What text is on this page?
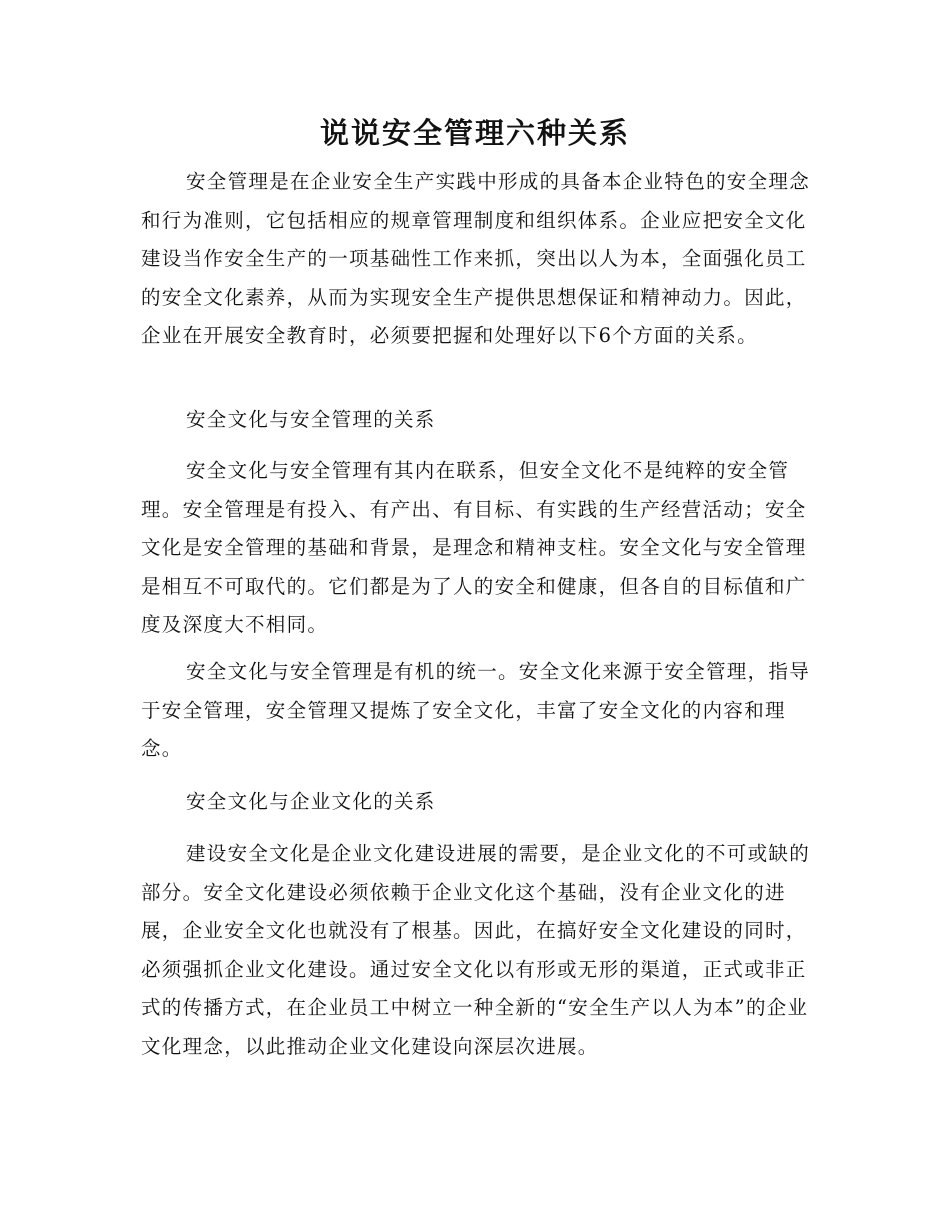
说说安全管理六种关系

安全管理是在企业安全生产实践中形成的具备本企业特色的安全理念和行为准则，它包括相应的规章管理制度和组织体系。企业应把安全文化建设当作安全生产的一项基础性工作来抓，突出以人为本，全面强化员工的安全文化素养，从而为实现安全生产提供思想保证和精神动力。因此，企业在开展安全教育时，必须要把握和处理好以下6个方面的关系。

安全文化与安全管理的关系

安全文化与安全管理有其内在联系，但安全文化不是纯粹的安全管理。安全管理是有投入、有产出、有目标、有实践的生产经营活动；安全文化是安全管理的基础和背景，是理念和精神支柱。安全文化与安全管理是相互不可取代的。它们都是为了人的安全和健康，但各自的目标值和广度及深度大不相同。

安全文化与安全管理是有机的统一。安全文化来源于安全管理，指导于安全管理，安全管理又提炼了安全文化，丰富了安全文化的内容和理念。

安全文化与企业文化的关系

建设安全文化是企业文化建设进展的需要，是企业文化的不可或缺的部分。安全文化建设必须依赖于企业文化这个基础，没有企业文化的进展，企业安全文化也就没有了根基。因此，在搞好安全文化建设的同时，必须强抓企业文化建设。通过安全文化以有形或无形的渠道，正式或非正式的传播方式，在企业员工中树立一种全新的“安全生产以人为本”的企业文化理念，以此推动企业文化建设向深层次进展。
